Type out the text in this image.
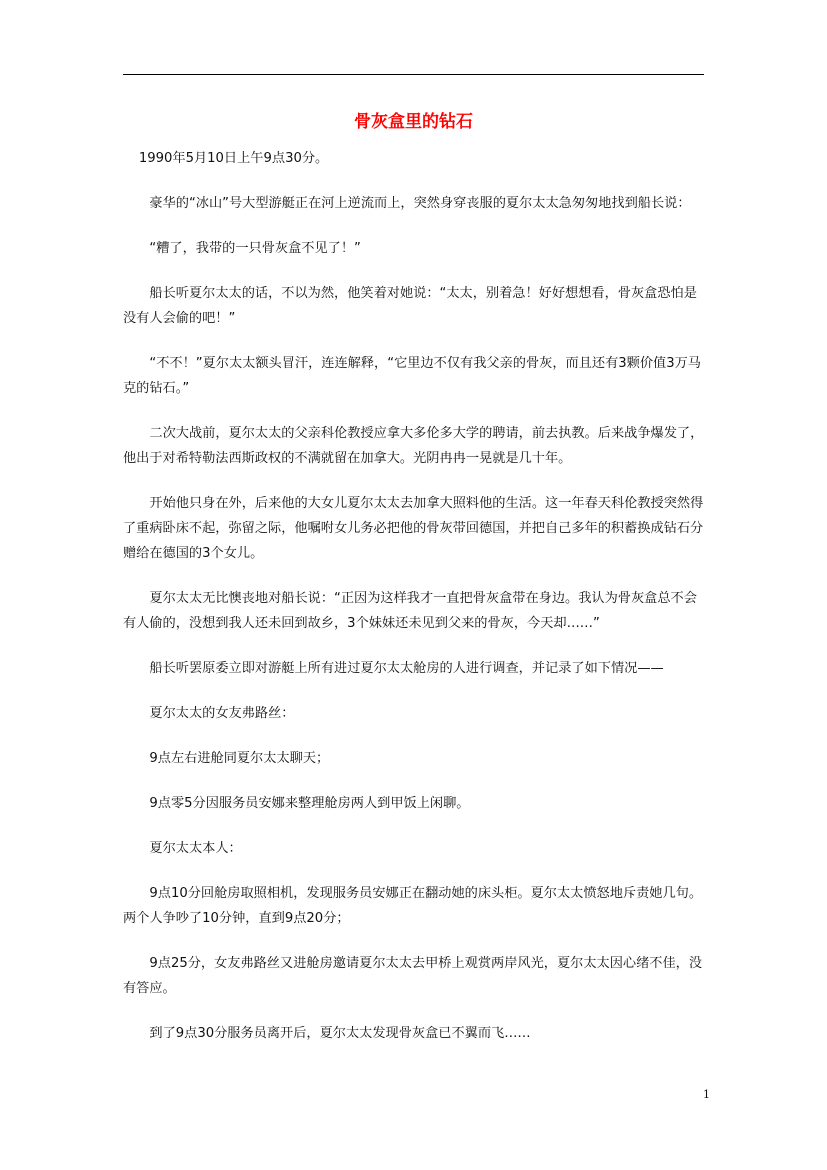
骨灰盒里的钻石

1990年5月10日上午9点30分。

豪华的“冰山”号大型游艇正在河上逆流而上，突然身穿丧服的夏尔太太急匆匆地找到船长说：

“糟了，我带的一只骨灰盒不见了！”

船长听夏尔太太的话，不以为然，他笑着对她说：“太太，别着急！好好想想看，骨灰盒恐怕是没有人会偷的吧！”

“不不！”夏尔太太额头冒汗，连连解释，“它里边不仅有我父亲的骨灰，而且还有3颗价值3万马克的钻石。”

二次大战前，夏尔太太的父亲科伦教授应拿大多伦多大学的聘请，前去执教。后来战争爆发了，他出于对希特勒法西斯政权的不满就留在加拿大。光阴冉冉一晃就是几十年。

开始他只身在外，后来他的大女儿夏尔太太去加拿大照料他的生活。这一年春天科伦教授突然得了重病卧床不起，弥留之际，他嘱咐女儿务必把他的骨灰带回德国，并把自己多年的积蓄换成钻石分赠给在德国的3个女儿。

夏尔太太无比懊丧地对船长说：“正因为这样我才一直把骨灰盒带在身边。我认为骨灰盒总不会有人偷的，没想到我人还未回到故乡，3个妹妹还未见到父来的骨灰，今天却……”

船长听罢原委立即对游艇上所有进过夏尔太太舱房的人进行调查，并记录了如下情况——

夏尔太太的女友弗路丝：

9点左右进舱同夏尔太太聊天；

9点零5分因服务员安娜来整理舱房两人到甲饭上闲聊。

夏尔太太本人：

9点10分回舱房取照相机，发现服务员安娜正在翻动她的床头柜。夏尔太太愤怒地斥责她几句。两个人争吵了10分钟，直到9点20分；

9点25分，女友弗路丝又进舱房邀请夏尔太太去甲桥上观赏两岸风光，夏尔太太因心绪不佳，没有答应。

到了9点30分服务员离开后，夏尔太太发现骨灰盒已不翼而飞……

1
